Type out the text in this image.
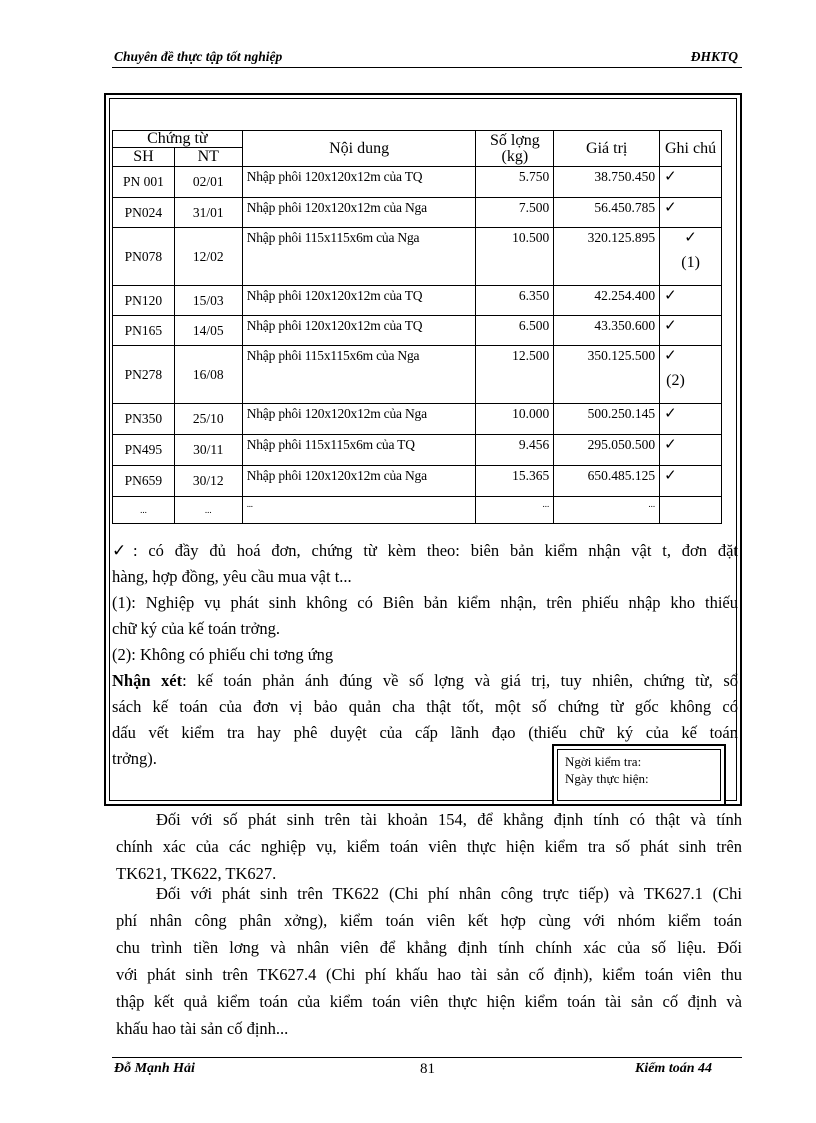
Chuyên đề thực tập tốt nghiệp	ĐHKTQ
Chứng từ		Nội dung	Số lợng (kg)	Giá trị	Ghi chú
SH	NT				
PN 001	02/01	Nhập phôi 120x120x12m của TQ	5.750	38.750.450	✓
PN024	31/01	Nhập phôi 120x120x12m của Nga	7.500	56.450.785	✓
PN078	12/02	Nhập phôi 115x115x6m của Nga	10.500	320.125.895	✓
(1)

PN120	15/03	Nhập phôi 120x120x12m của TQ	6.350	42.254.400	✓
PN165	14/05	Nhập phôi 120x120x12m của TQ	6.500	43.350.600	✓
PN278	16/08	Nhập phôi 115x115x6m của Nga	12.500	350.125.500	✓
(2)

PN350	25/10	Nhập phôi 120x120x12m của Nga	10.000	500.250.145	✓
PN495	30/11	Nhập phôi 115x115x6m của TQ	9.456	295.050.500	✓
PN659	30/12	Nhập phôi 120x120x12m của Nga	15.365	650.485.125	✓
...	...	...	...	...	
✓: có đầy đủ hoá đơn, chứng từ kèm theo: biên bản kiểm nhận vật t, đơn đặt
hàng, hợp đồng, yêu cầu mua vật t...
(1): Nghiệp vụ phát sinh không có Biên bản kiểm nhận, trên phiếu nhập kho thiếu
chữ ký của kế toán trởng.
(2): Không có phiếu chi tơng ứng
Nhận xét: kế toán phản ánh đúng về số lợng và giá trị, tuy nhiên, chứng từ, sổ
sách kế toán của đơn vị bảo quản cha thật tốt, một số chứng từ gốc không có
dấu vết kiểm tra hay phê duyệt của cấp lãnh đạo (thiếu chữ ký của kế toán
trởng).	Ngời kiểm tra:
Ngày thực hiện:
Đối với số phát sinh trên tài khoản 154, để khẳng định tính có thật và tính
chính xác của các nghiệp vụ, kiểm toán viên thực hiện kiểm tra số phát sinh trên
TK621, TK622, TK627.
Đối với phát sinh trên TK622 (Chi phí nhân công trực tiếp) và TK627.1 (Chi
phí nhân công phân xởng), kiểm toán viên kết hợp cùng với nhóm kiểm toán
chu trình tiền lơng và nhân viên để khẳng định tính chính xác của số liệu. Đối
với phát sinh trên TK627.4 (Chi phí khấu hao tài sản cố định), kiểm toán viên thu
thập kết quả kiểm toán của kiểm toán viên thực hiện kiểm toán tài sản cố định và
khấu hao tài sản cố định...
Đỗ Mạnh Hải	81	Kiểm toán 44
